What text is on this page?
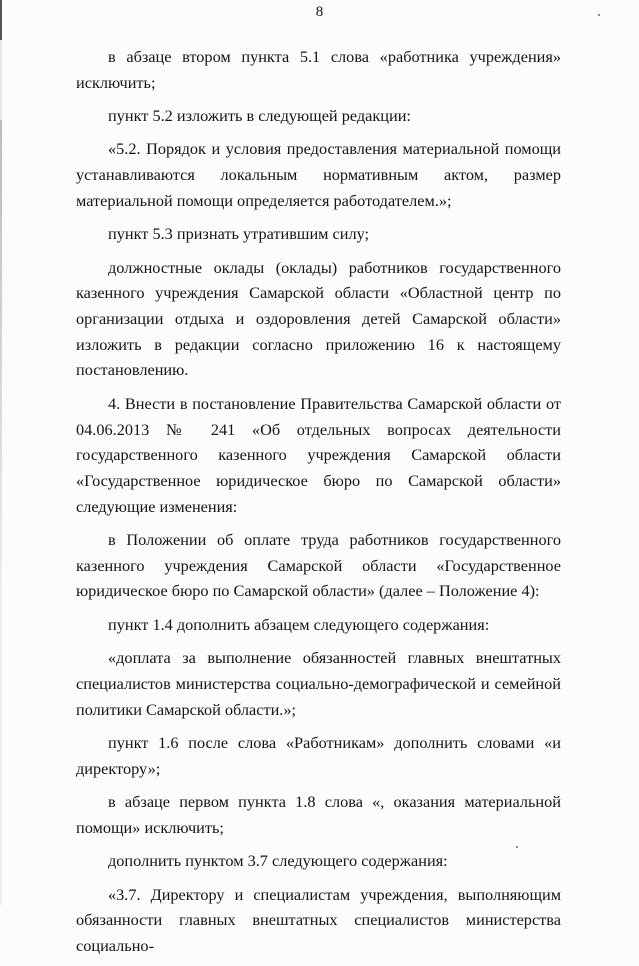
8

в абзаце втором пункта 5.1 слова «работника учреждения» исключить;

пункт 5.2 изложить в следующей редакции:

«5.2. Порядок и условия предоставления материальной помощи устанавливаются локальным нормативным актом, размер материальной помощи определяется работодателем.»;

пункт 5.3 признать утратившим силу;

должностные оклады (оклады) работников государственного казенного учреждения Самарской области «Областной центр по организации отдыха и оздоровления детей Самарской области» изложить в редакции согласно приложению 16 к настоящему постановлению.

4. Внести в постановление Правительства Самарской области от 04.06.2013 № 241 «Об отдельных вопросах деятельности государственного казенного учреждения Самарской области «Государственное юридическое бюро по Самарской области» следующие изменения:

в Положении об оплате труда работников государственного казенного учреждения Самарской области «Государственное юридическое бюро по Самарской области» (далее – Положение 4):

пункт 1.4 дополнить абзацем следующего содержания:

«доплата за выполнение обязанностей главных внештатных специалистов министерства социально-демографической и семейной политики Самарской области.»;

пункт 1.6 после слова «Работникам» дополнить словами «и директору»;

в абзаце первом пункта 1.8 слова «, оказания материальной помощи» исключить;

дополнить пунктом 3.7 следующего содержания:

«3.7. Директору и специалистам учреждения, выполняющим обязанности главных внештатных специалистов министерства социально-
